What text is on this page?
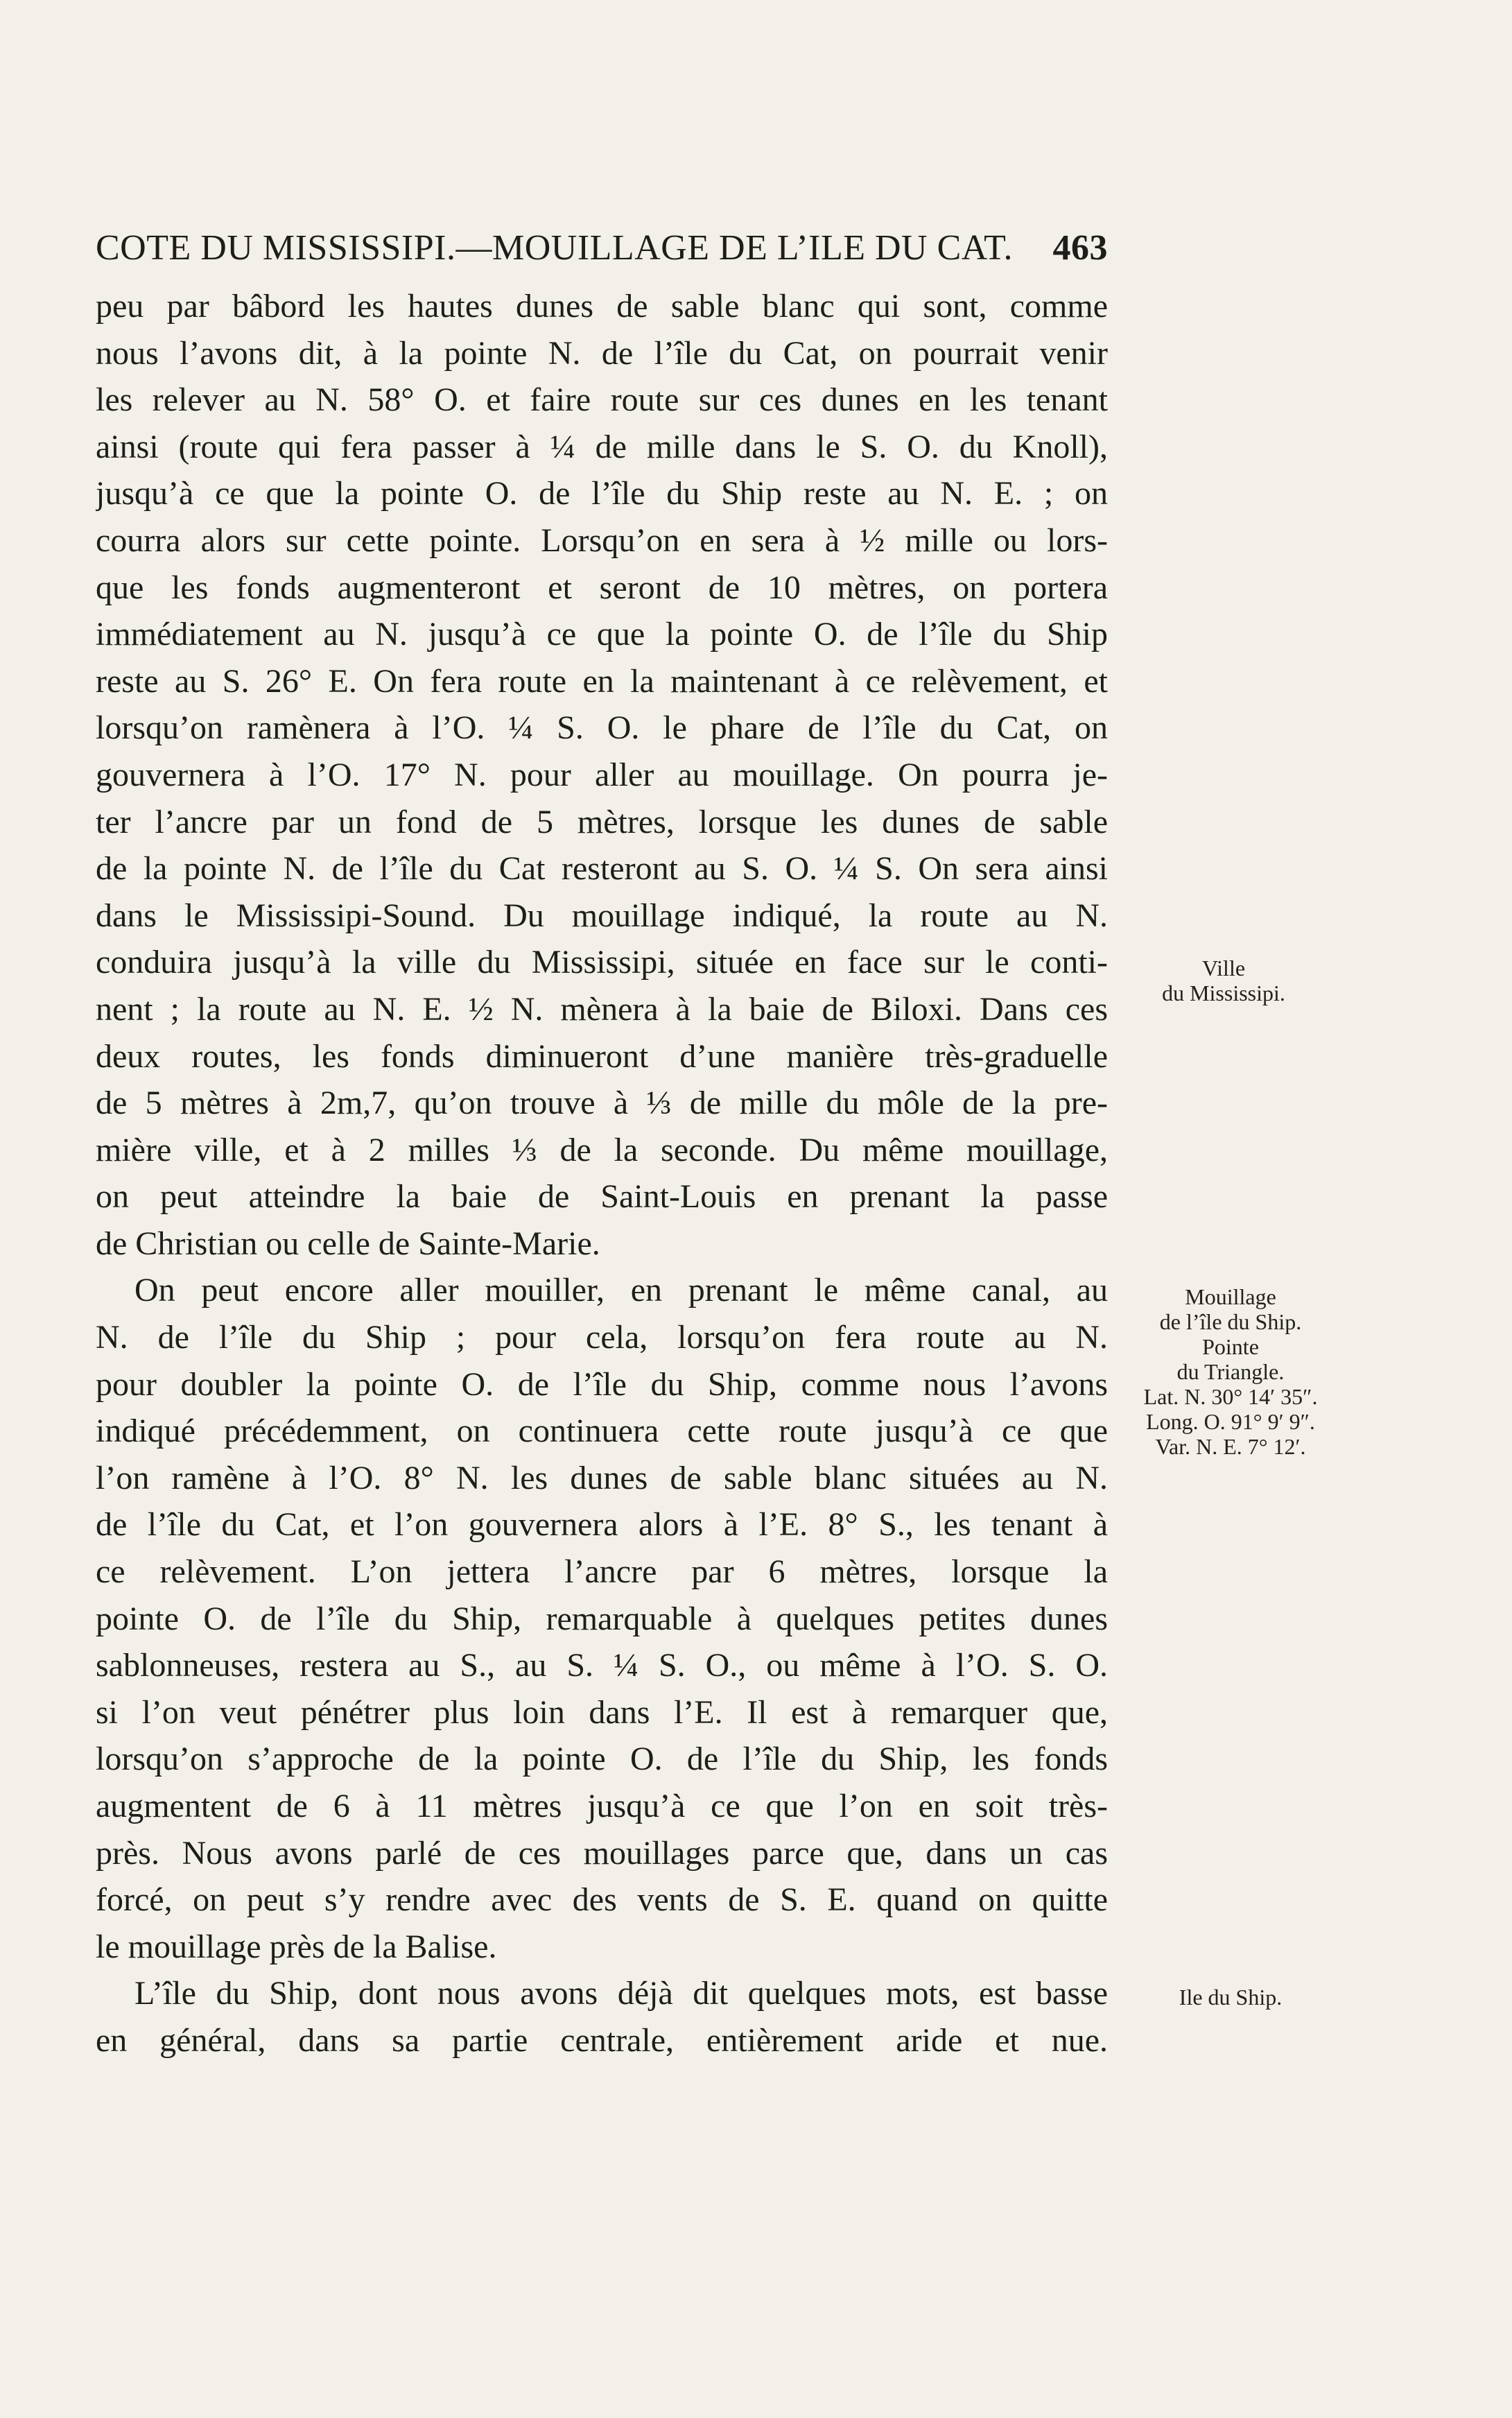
COTE DU MISSISSIPI.—MOUILLAGE DE L’ILE DU CAT. 463
peu par bâbord les hautes dunes de sable blanc qui sont, comme
nous l’avons dit, à la pointe N. de l’île du Cat, on pourrait venir
les relever au N. 58° O. et faire route sur ces dunes en les tenant
ainsi (route qui fera passer à ¼ de mille dans le S. O. du Knoll),
jusqu’à ce que la pointe O. de l’île du Ship reste au N. E. ; on
courra alors sur cette pointe. Lorsqu’on en sera à ½ mille ou lors-
que les fonds augmenteront et seront de 10 mètres, on portera
immédiatement au N. jusqu’à ce que la pointe O. de l’île du Ship
reste au S. 26° E. On fera route en la maintenant à ce relèvement, et
lorsqu’on ramènera à l’O. ¼ S. O. le phare de l’île du Cat, on
gouvernera à l’O. 17° N. pour aller au mouillage. On pourra je-
ter l’ancre par un fond de 5 mètres, lorsque les dunes de sable
de la pointe N. de l’île du Cat resteront au S. O. ¼ S. On sera ainsi
dans le Mississipi-Sound. Du mouillage indiqué, la route au N.
conduira jusqu’à la ville du Mississipi, située en face sur le conti-
nent ; la route au N. E. ½ N. mènera à la baie de Biloxi. Dans ces
deux routes, les fonds diminueront d’une manière très-graduelle
de 5 mètres à 2m,7, qu’on trouve à ⅓ de mille du môle de la pre-
mière ville, et à 2 milles ⅓ de la seconde. Du même mouillage,
on peut atteindre la baie de Saint-Louis en prenant la passe
de Christian ou celle de Sainte-Marie.
On peut encore aller mouiller, en prenant le même canal, au
N. de l’île du Ship ; pour cela, lorsqu’on fera route au N.
pour doubler la pointe O. de l’île du Ship, comme nous l’avons
indiqué précédemment, on continuera cette route jusqu’à ce que
l’on ramène à l’O. 8° N. les dunes de sable blanc situées au N.
de l’île du Cat, et l’on gouvernera alors à l’E. 8° S., les tenant à
ce relèvement. L’on jettera l’ancre par 6 mètres, lorsque la
pointe O. de l’île du Ship, remarquable à quelques petites dunes
sablonneuses, restera au S., au S. ¼ S. O., ou même à l’O. S. O.
si l’on veut pénétrer plus loin dans l’E. Il est à remarquer que,
lorsqu’on s’approche de la pointe O. de l’île du Ship, les fonds
augmentent de 6 à 11 mètres jusqu’à ce que l’on en soit très-
près. Nous avons parlé de ces mouillages parce que, dans un cas
forcé, on peut s’y rendre avec des vents de S. E. quand on quitte
le mouillage près de la Balise.
L’île du Ship, dont nous avons déjà dit quelques mots, est basse
en général, dans sa partie centrale, entièrement aride et nue.
Ville
du Mississipi.
Mouillage
de l’île du Ship.
Pointe
du Triangle.
Lat. N. 30° 14′ 35″.
Long. O. 91° 9′ 9″.
Var. N. E. 7° 12′.
Ile du Ship.
